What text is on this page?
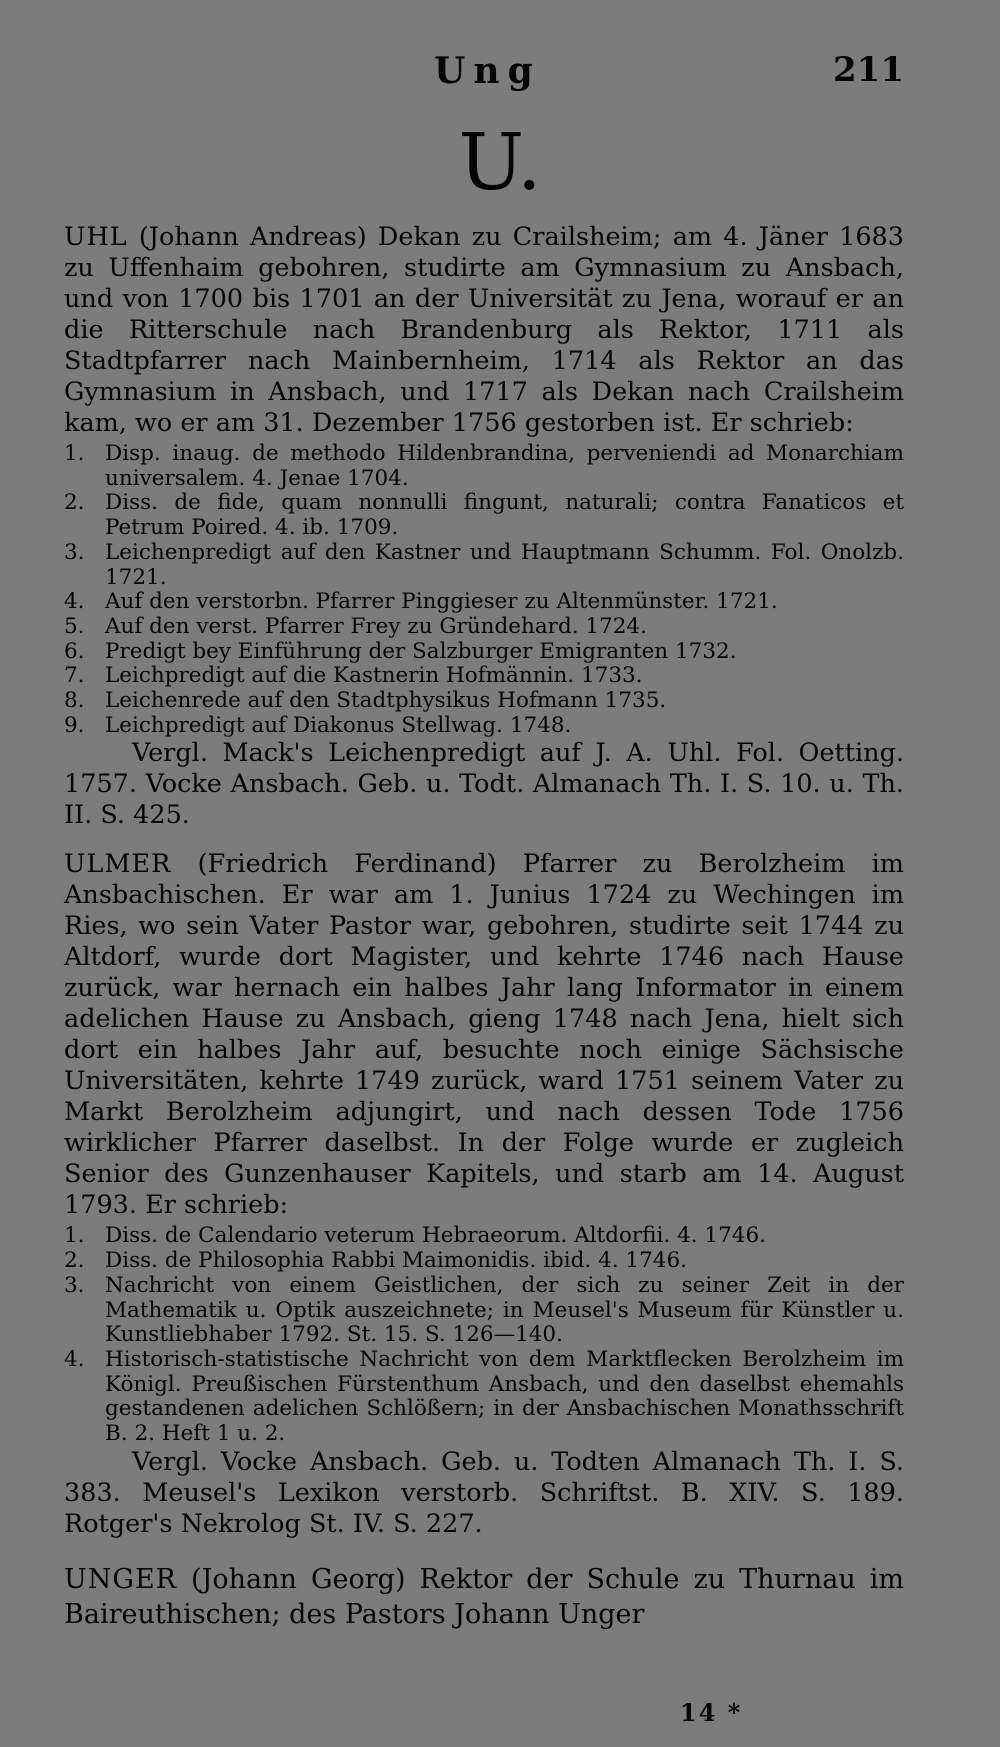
Ung	211
U.

UHL (Johann Andreas) Dekan zu Crailsheim; am 4. Jäner 1683 zu Uffenhaim gebohren, studirte am Gymnasium zu Ansbach, und von 1700 bis 1701 an der Universität zu Jena, worauf er an die Ritterschule nach Brandenburg als Rektor, 1711 als Stadtpfarrer nach Mainbernheim, 1714 als Rektor an das Gymnasium in Ansbach, und 1717 als Dekan nach Crailsheim kam, wo er am 31. Dezember 1756 gestorben ist. Er schrieb:

1. Disp. inaug. de methodo Hildenbrandina, perveniendi ad Monarchiam universalem. 4. Jenae 1704.
2. Diss. de fide, quam nonnulli fingunt, naturali; contra Fanaticos et Petrum Poired. 4. ib. 1709.
3. Leichenpredigt auf den Kastner und Hauptmann Schumm. Fol. Onolzb. 1721.
4. Auf den verstorbn. Pfarrer Pinggieser zu Altenmünster. 1721.
5. Auf den verst. Pfarrer Frey zu Gründehard. 1724.
6. Predigt bey Einführung der Salzburger Emigranten 1732.
7. Leichpredigt auf die Kastnerin Hofmännin. 1733.
8. Leichenrede auf den Stadtphysikus Hofmann 1735.
9. Leichpredigt auf Diakonus Stellwag. 1748.

Vergl. Mack's Leichenpredigt auf J. A. Uhl. Fol. Oetting. 1757. Vocke Ansbach. Geb. u. Todt. Almanach Th. I. S. 10. u. Th. II. S. 425.

ULMER (Friedrich Ferdinand) Pfarrer zu Berolzheim im Ansbachischen. Er war am 1. Junius 1724 zu Wechingen im Ries, wo sein Vater Pastor war, gebohren, studirte seit 1744 zu Altdorf, wurde dort Magister, und kehrte 1746 nach Hause zurück, war hernach ein halbes Jahr lang Informator in einem adelichen Hause zu Ansbach, gieng 1748 nach Jena, hielt sich dort ein halbes Jahr auf, besuchte noch einige Sächsische Universitäten, kehrte 1749 zurück, ward 1751 seinem Vater zu Markt Berolzheim adjungirt, und nach dessen Tode 1756 wirklicher Pfarrer daselbst. In der Folge wurde er zugleich Senior des Gunzenhauser Kapitels, und starb am 14. August 1793. Er schrieb:

1. Diss. de Calendario veterum Hebraeorum. Altdorfii. 4. 1746.
2. Diss. de Philosophia Rabbi Maimonidis. ibid. 4. 1746.
3. Nachricht von einem Geistlichen, der sich zu seiner Zeit in der Mathematik u. Optik auszeichnete; in Meusel's Museum für Künstler u. Kunstliebhaber 1792. St. 15. S. 126—140.
4. Historisch-statistische Nachricht von dem Marktflecken Berolzheim im Königl. Preußischen Fürstenthum Ansbach, und den daselbst ehemahls gestandenen adelichen Schlößern; in der Ansbachischen Monathsschrift B. 2. Heft 1 u. 2.

Vergl. Vocke Ansbach. Geb. u. Todten Almanach Th. I. S. 383. Meusel's Lexikon verstorb. Schriftst. B. XIV. S. 189. Rotger's Nekrolog St. IV. S. 227.

UNGER (Johann Georg) Rektor der Schule zu Thurnau im Baireuthischen; des Pastors Johann Unger

14 *
